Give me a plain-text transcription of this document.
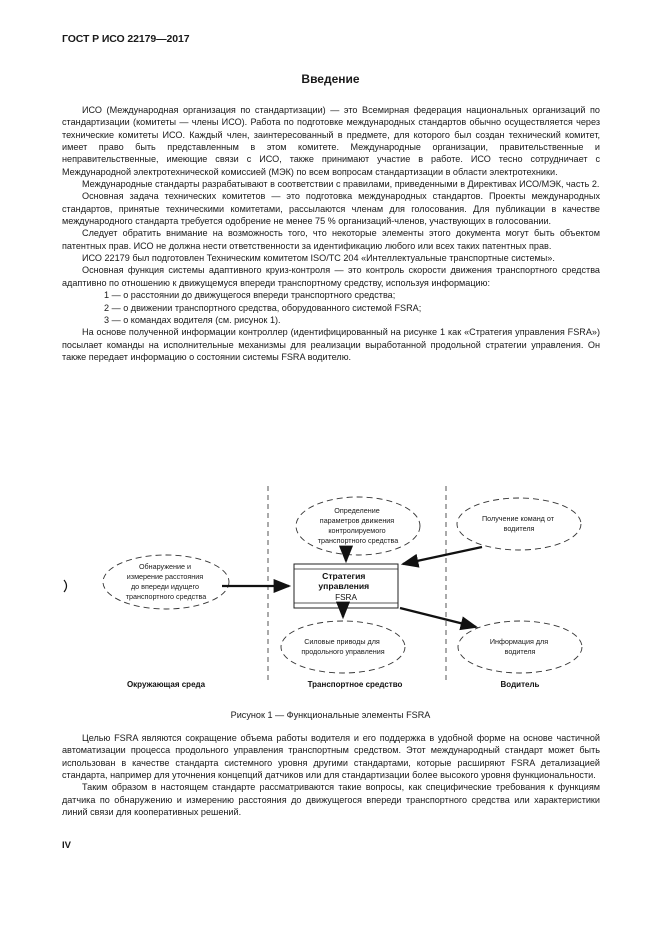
ГОСТ Р ИСО 22179—2017
Введение

ИСО (Международная организация по стандартизации) — это Всемирная федерация национальных организаций по стандартизации (комитеты — члены ИСО). Работа по подготовке международных стандартов обычно осуществляется через технические комитеты ИСО. Каждый член, заинтересованный в предмете, для которого был создан технический комитет, имеет право быть представленным в этом комитете. Международные организации, правительственные и неправительственные, имеющие связи с ИСО, также принимают участие в работе. ИСО тесно сотрудничает с Международной электротехнической комиссией (МЭК) по всем вопросам стандартизации в области электротехники.

Международные стандарты разрабатывают в соответствии с правилами, приведенными в Директивах ИСО/МЭК, часть 2.

Основная задача технических комитетов — это подготовка международных стандартов. Проекты международных стандартов, принятые техническими комитетами, рассылаются членам для голосования. Для публикации в качестве международного стандарта требуется одобрение не менее 75 % организаций-членов, участвующих в голосовании.

Следует обратить внимание на возможность того, что некоторые элементы этого документа могут быть объектом патентных прав. ИСО не должна нести ответственности за идентификацию любого или всех таких патентных прав.

ИСО 22179 был подготовлен Техническим комитетом ISO/TC 204 «Интеллектуальные транспортные системы».

Основная функция системы адаптивного круиз-контроля — это контроль скорости движения транспортного средства адаптивно по отношению к движущемуся впереди транспортному средству, используя информацию:

1 — о расстоянии до движущегося впереди транспортного средства;

2 — о движении транспортного средства, оборудованного системой FSRA;

3 — о командах водителя (см. рисунок 1).

На основе полученной информации контроллер (идентифицированный на рисунке 1 как «Стратегия управления FSRA») посылает команды на исполнительные механизмы для реализации выработанной продольной стратегии управления. Он также передает информацию о состоянии системы FSRA водителю.

Определение параметров движения контролируемого транспортного средства
Получение команд от водителя
Обнаружение и измерение расстояния до впереди идущего транспортного средства
Стратегия управления FSRA
Силовые приводы для продольного управления
Информация для водителя
Окружающая среда	Транспортное средство	Водитель
Рисунок 1 — Функциональные элементы FSRA

Целью FSRA являются сокращение объема работы водителя и его поддержка в удобной форме на основе частичной автоматизации процесса продольного управления транспортным средством. Этот международный стандарт может быть использован в качестве стандарта системного уровня другими стандартами, которые расширяют FSRA детализацией стандарта, например для уточнения концепций датчиков или для стандартизации более высокого уровня функциональности.

Таким образом в настоящем стандарте рассматриваются такие вопросы, как специфические требования к функциям датчика по обнаружению и измерению расстояния до движущегося впереди транспортного средства или характеристики линий связи для кооперативных решений.

IV
